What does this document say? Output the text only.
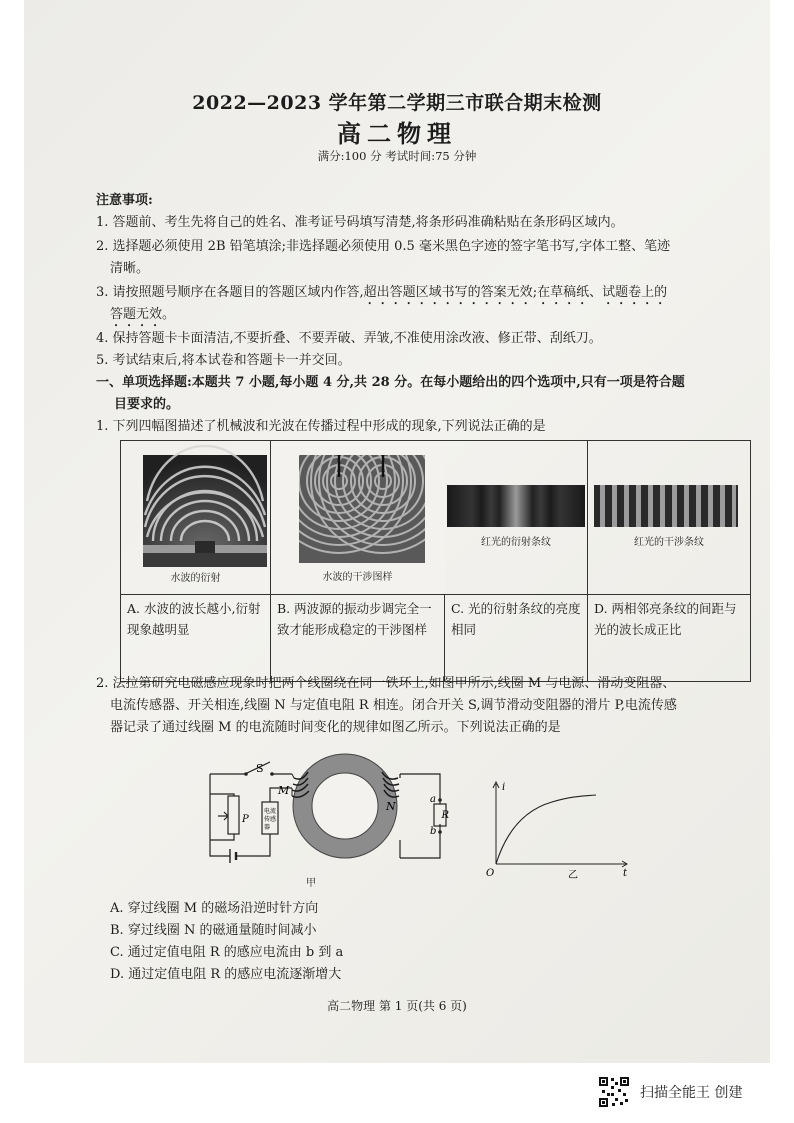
2022—2023 学年第二学期三市联合期末检测
高二物理
满分:100 分 考试时间:75 分钟
注意事项:
1. 答题前、考生先将自己的姓名、准考证号码填写清楚,将条形码准确粘贴在条形码区域内。
2. 选择题必须使用 2B 铅笔填涂;非选择题必须使用 0.5 毫米黑色字迹的签字笔书写,字体工整、笔迹
清晰。
3. 请按照题号顺序在各题目的答题区域内作答,超出答题区域书写的答案无效;在草稿纸、试题卷上的
答题无效。
4. 保持答题卡卡面清洁,不要折叠、不要弄破、弄皱,不准使用涂改液、修正带、刮纸刀。
5. 考试结束后,将本试卷和答题卡一并交回。
一、单项选择题:本题共 7 小题,每小题 4 分,共 28 分。在每小题给出的四个选项中,只有一项是符合题
目要求的。
1. 下列四幅图描述了机械波和光波在传播过程中形成的现象,下列说法正确的是
水波的衍射	水波的干涉图样	红光的衍射条纹	红光的干涉条纹

A. 水波的波长越小,衍射现象越明显	B. 两波源的振动步调完全一致才能形成稳定的干涉图样	C. 光的衍射条纹的亮度相同	D. 两相邻亮条纹的间距与光的波长成正比
2. 法拉第研究电磁感应现象时把两个线圈绕在同一铁环上,如图甲所示,线圈 M 与电源、滑动变阻器、
电流传感器、开关相连,线圈 N 与定值电阻 R 相连。闭合开关 S,调节滑动变阻器的滑片 P,电流传感
器记录了通过线圈 M 的电流随时间变化的规律如图乙所示。下列说法正确的是
S
M
N
P
电流
传感
器
a
b
R
甲
i
t
O	乙
A. 穿过线圈 M 的磁场沿逆时针方向
B. 穿过线圈 N 的磁通量随时间减小
C. 通过定值电阻 R 的感应电流由 b 到 a
D. 通过定值电阻 R 的感应电流逐渐增大
高二物理 第 1 页(共 6 页)
扫描全能王 创建
